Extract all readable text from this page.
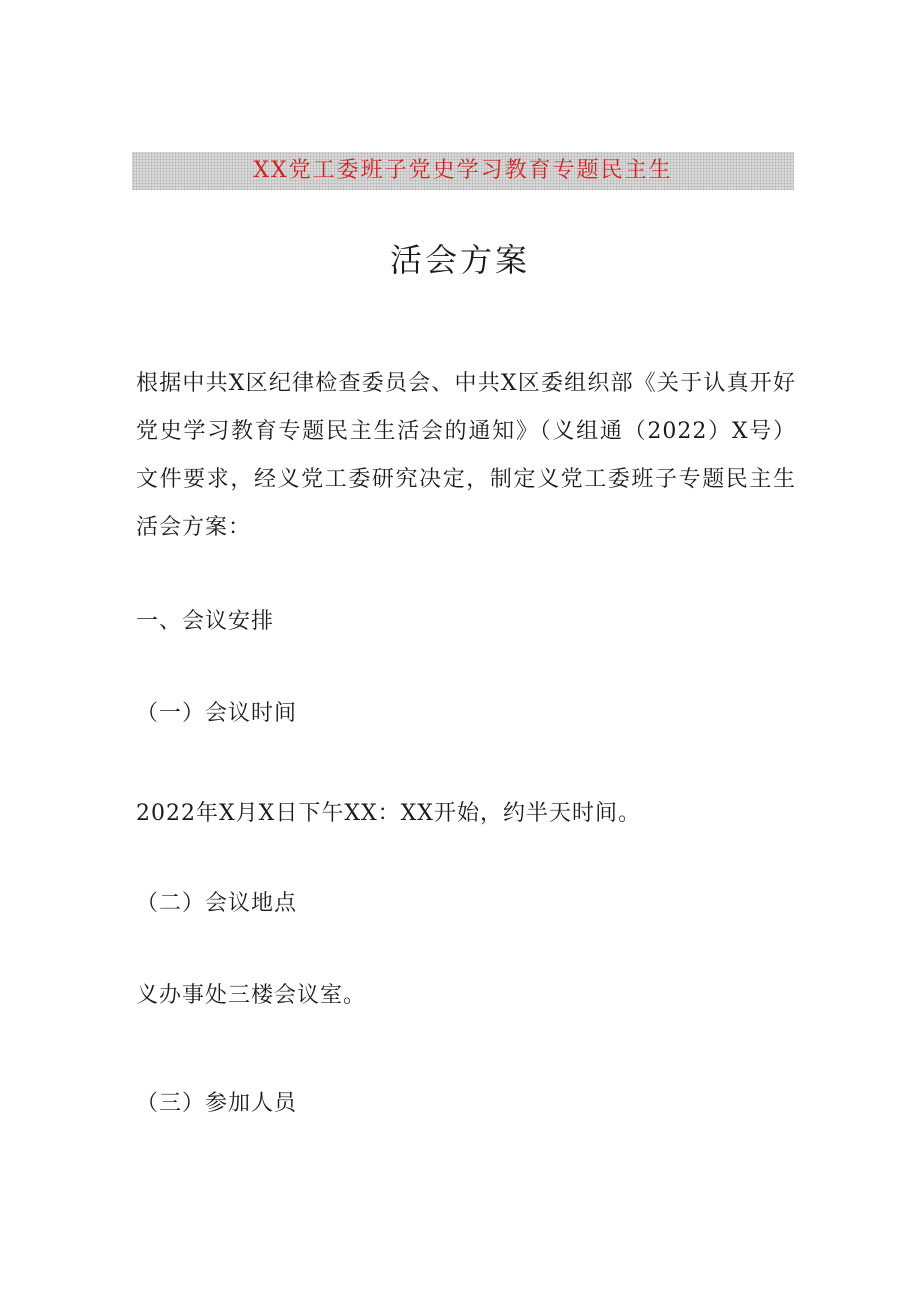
XX党工委班子党史学习教育专题民主生
活会方案

根据中共X区纪律检查委员会、中共X区委组织部《关于认真开好党史学习教育专题民主生活会的通知》（义组通（2022）X号）文件要求，经义党工委研究决定，制定义党工委班子专题民主生活会方案：

一、会议安排

（一）会议时间

2022年X月X日下午XX：XX开始，约半天时间。

（二）会议地点

义办事处三楼会议室。

（三）参加人员
